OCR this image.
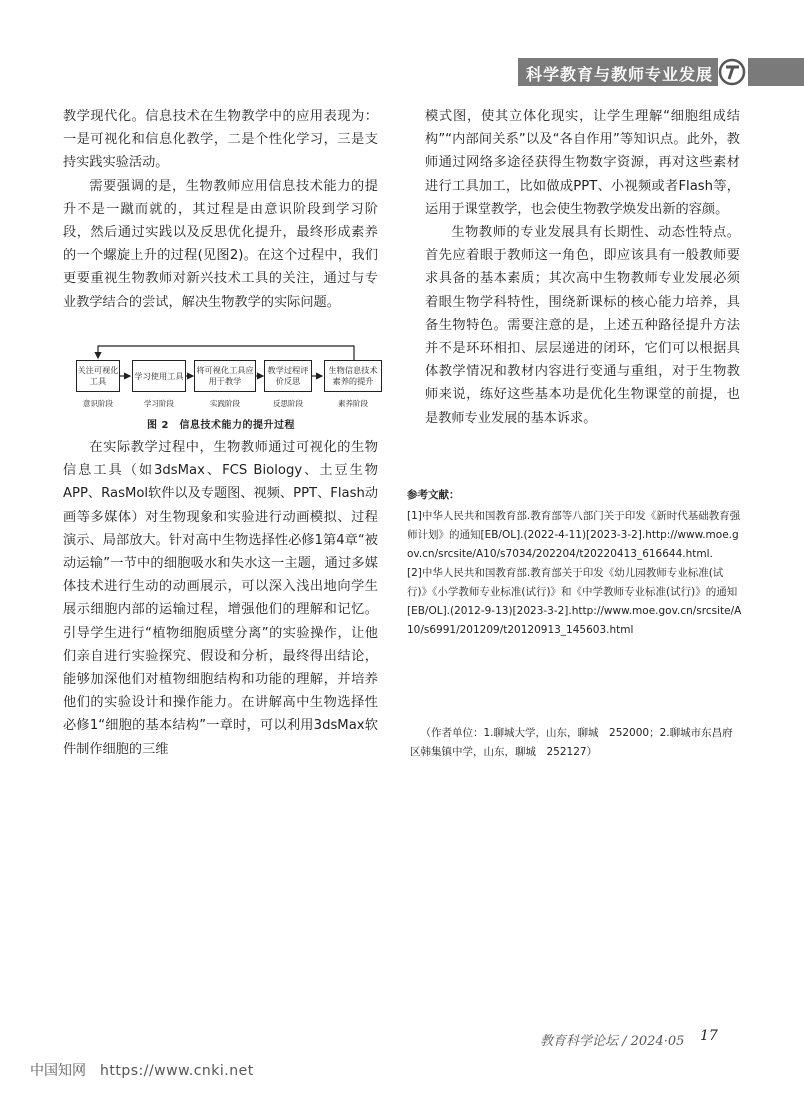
科学教育与教师专业发展

教学现代化。信息技术在生物教学中的应用表现为：一是可视化和信息化教学，二是个性化学习，三是支持实践实验活动。

需要强调的是，生物教师应用信息技术能力的提升不是一蹴而就的，其过程是由意识阶段到学习阶段，然后通过实践以及反思优化提升，最终形成素养的一个螺旋上升的过程(见图2)。在这个过程中，我们更要重视生物教师对新兴技术工具的关注，通过与专业教学结合的尝试，解决生物教学的实际问题。

关注可视化工具
学习使用工具
将可视化工具应用于教学
教学过程评价反思
生物信息技术素养的提升
意识阶段	学习阶段	实践阶段	反思阶段	素养阶段
图 2　信息技术能力的提升过程

在实际教学过程中，生物教师通过可视化的生物信息工具（如3dsMax、FCS Biology、土豆生物APP、RasMol软件以及专题图、视频、PPT、Flash动画等多媒体）对生物现象和实验进行动画模拟、过程演示、局部放大。针对高中生物选择性必修1第4章“被动运输”一节中的细胞吸水和失水这一主题，通过多媒体技术进行生动的动画展示，可以深入浅出地向学生展示细胞内部的运输过程，增强他们的理解和记忆。引导学生进行“植物细胞质壁分离”的实验操作，让他们亲自进行实验探究、假设和分析，最终得出结论，能够加深他们对植物细胞结构和功能的理解，并培养他们的实验设计和操作能力。在讲解高中生物选择性必修1“细胞的基本结构”一章时，可以利用3dsMax软件制作细胞的三维

模式图，使其立体化现实，让学生理解“细胞组成结构”“内部间关系”以及“各自作用”等知识点。此外，教师通过网络多途径获得生物数字资源，再对这些素材进行工具加工，比如做成PPT、小视频或者Flash等，运用于课堂教学，也会使生物教学焕发出新的容颜。

生物教师的专业发展具有长期性、动态性特点。首先应着眼于教师这一角色，即应该具有一般教师要求具备的基本素质；其次高中生物教师专业发展必须着眼生物学科特性，围绕新课标的核心能力培养，具备生物特色。需要注意的是，上述五种路径提升方法并不是环环相扣、层层递进的闭环，它们可以根据具体教学情况和教材内容进行变通与重组，对于生物教师来说，练好这些基本功是优化生物课堂的前提，也是教师专业发展的基本诉求。

参考文献：
[1]中华人民共和国教育部.教育部等八部门关于印发《新时代基础教育强师计划》的通知[EB/OL].(2022-4-11)[2023-3-2].http://www.moe.gov.cn/srcsite/A10/s7034/202204/t20220413_616644.html.
[2]中华人民共和国教育部.教育部关于印发《幼儿园教师专业标准(试行)》《小学教师专业标准(试行)》和《中学教师专业标准(试行)》的通知[EB/OL].(2012-9-13)[2023-3-2].http://www.moe.gov.cn/srcsite/A10/s6991/201209/t20120913_145603.html
（作者单位：1.聊城大学，山东，聊城　252000；2.聊城市东昌府区韩集镇中学，山东，聊城　252127）
教育科学论坛 / 2024·05 17
中国知网 https://www.cnki.net
